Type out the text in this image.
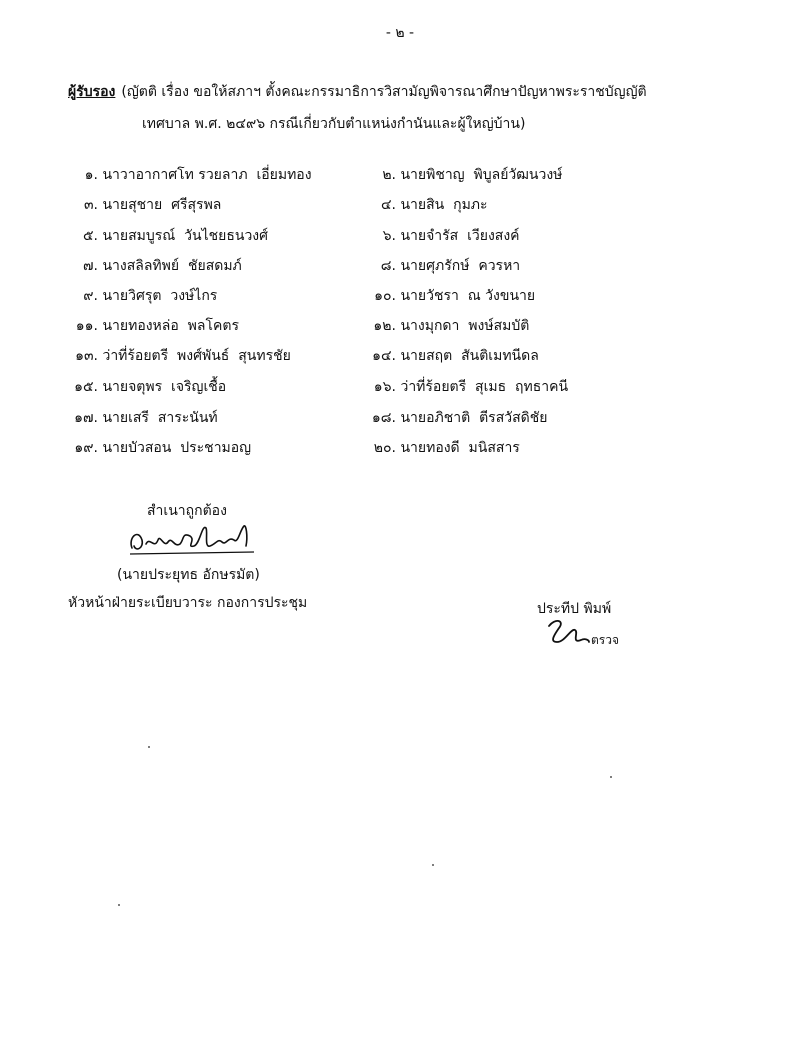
- ๒ -
ผู้รับรอง (ญัตติ เรื่อง ขอให้สภาฯ ตั้งคณะกรรมาธิการวิสามัญพิจารณาศึกษาปัญหาพระราชบัญญัติ
เทศบาล พ.ศ. ๒๔๙๖ กรณีเกี่ยวกับตำแหน่งกำนันและผู้ใหญ่บ้าน)
๑. นาวาอากาศโท รวยลาภ  เอี่ยมทอง
๓. นายสุชาย  ศรีสุรพล
๕. นายสมบูรณ์  วันไชยธนวงศ์
๗. นางสลิลทิพย์  ชัยสดมภ์
๙. นายวิศรุต  วงษ์ไกร
๑๑. นายทองหล่อ  พลโคตร
๑๓. ว่าที่ร้อยตรี  พงศ์พันธ์  สุนทรชัย
๑๕. นายจตุพร  เจริญเชื้อ
๑๗. นายเสรี  สาระนันท์
๑๙. นายบัวสอน  ประชามอญ
๒. นายพิชาญ  พิบูลย์วัฒนวงษ์
๔. นายสิน  กุมภะ
๖. นายจำรัส  เวียงสงค์
๘. นายศุภรักษ์  ควรหา
๑๐. นายวัชรา  ณ วังขนาย
๑๒. นางมุกดา  พงษ์สมบัติ
๑๔. นายสฤต  สันติเมทนีดล
๑๖. ว่าที่ร้อยตรี  สุเมธ  ฤทธาคนี
๑๘. นายอภิชาติ  ตีรสวัสดิชัย
๒๐. นายทองดี  มนิสสาร
สำเนาถูกต้อง
(นายประยุทธ อักษรมัต)
หัวหน้าฝ่ายระเบียบวาระ กองการประชุม	ประทีป พิมพ์
ตรวจ
